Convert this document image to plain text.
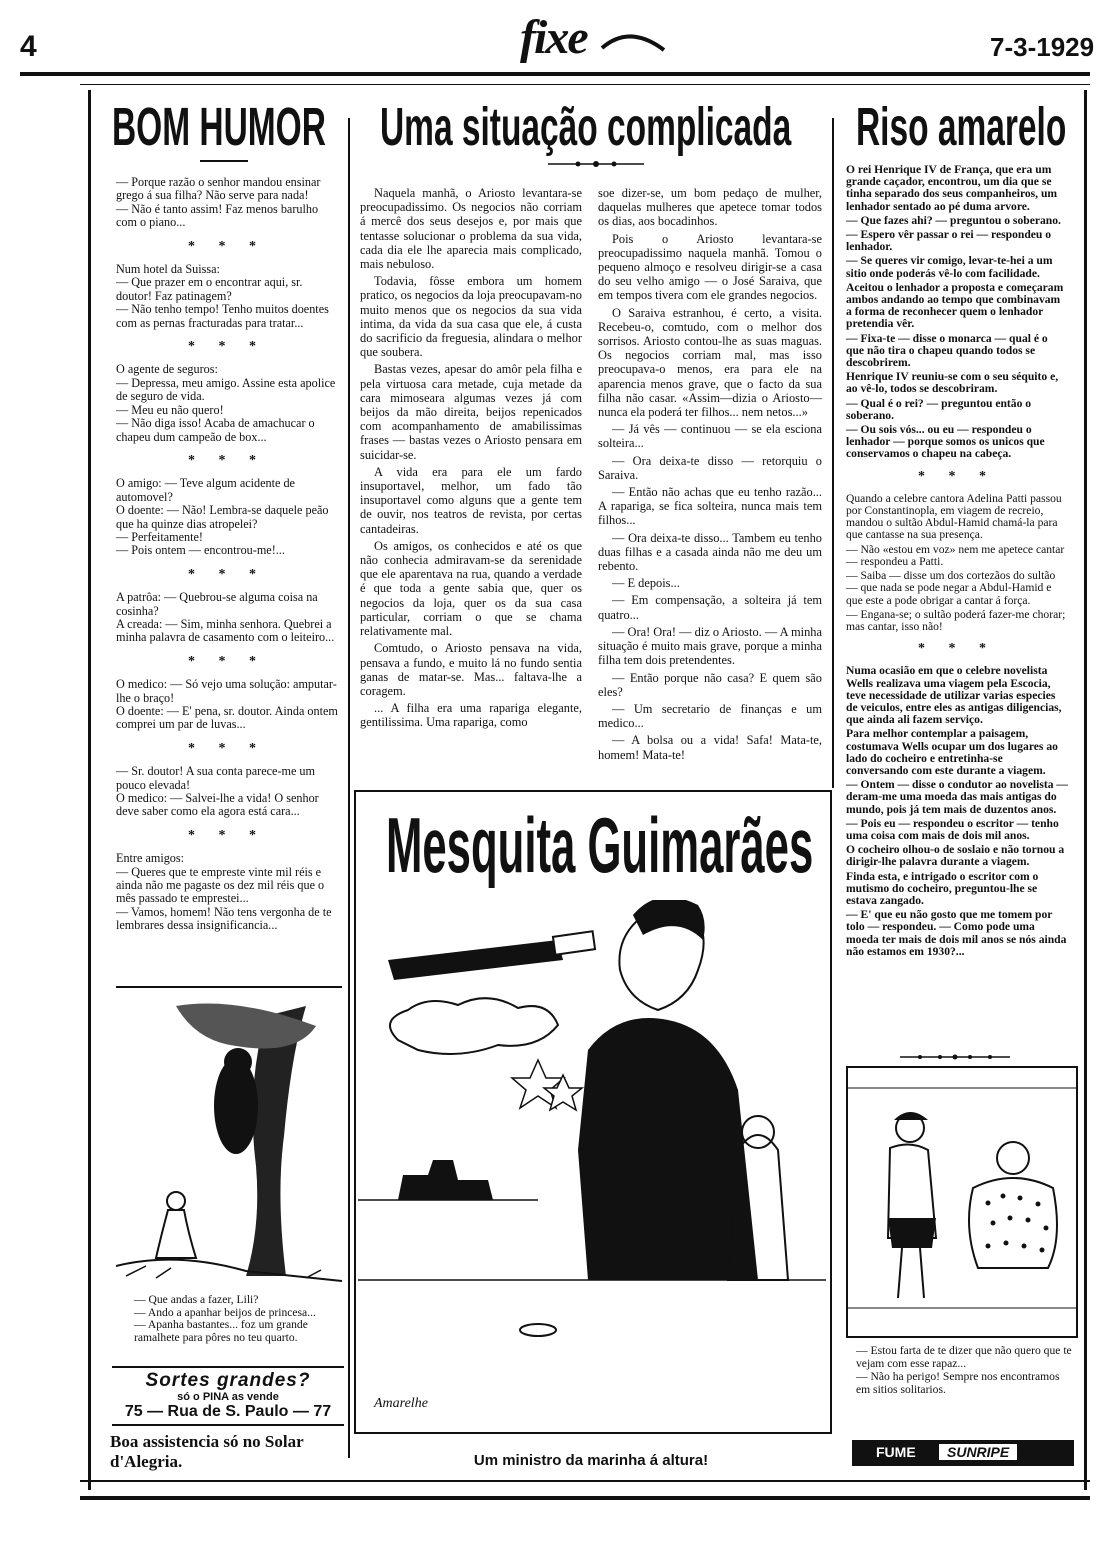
4	fixe	7-3-1929
BOM HUMOR

— Porque razão o senhor mandou ensinar grego á sua filha? Não serve para nada!
— Não é tanto assim! Faz menos barulho com o piano...

* * *

Num hotel da Suissa:
— Que prazer em o encontrar aqui, sr. doutor! Faz patinagem?
— Não tenho tempo! Tenho muitos doentes com as pernas fracturadas para tratar...

* * *

O agente de seguros:
— Depressa, meu amigo. Assine esta apolice de seguro de vida.
— Meu eu não quero!
— Não diga isso! Acaba de amachucar o chapeu dum campeão de box...

* * *

O amigo: — Teve algum acidente de automovel?
O doente: — Não! Lembra-se daquele peão que ha quinze dias atropelei?
— Perfeitamente!
— Pois ontem — encontrou-me!...

* * *

A patrôa: — Quebrou-se alguma coisa na cosinha?
A creada: — Sim, minha senhora. Quebrei a minha palavra de casamento com o leiteiro...

* * *

O medico: — Só vejo uma solução: amputar-lhe o braço!
O doente: — E' pena, sr. doutor. Ainda ontem comprei um par de luvas...

* * *

— Sr. doutor! A sua conta parece-me um pouco elevada!
O medico: — Salvei-lhe a vida! O senhor deve saber como ela agora está cara...

* * *

Entre amigos:
— Queres que te empreste vinte mil réis e ainda não me pagaste os dez mil réis que o mês passado te emprestei...
— Vamos, homem! Não tens vergonha de te lembrares dessa insignificancia...

— Que andas a fazer, Lili?
— Ando a apanhar beijos de princesa...
— Apanha bastantes... foz um grande ramalhete para pôres no teu quarto.
Sortes grandes?
só o PINA as vende
75 — Rua de S. Paulo — 77
Boa assistencia só no Solar d'Alegria.
Uma situação complicada

Naquela manhã, o Ariosto levantara-se preocupadissimo. Os negocios não corriam á mercê dos seus desejos e, por mais que tentasse solucionar o problema da sua vida, cada dia ele lhe aparecia mais complicado, mais nebuloso.

Todavia, fôsse embora um homem pratico, os negocios da loja preocupavam-no muito menos que os negocios da sua vida intima, da vida da sua casa que ele, á custa do sacrificio da freguesia, alindara o melhor que soubera.

Bastas vezes, apesar do amôr pela filha e pela virtuosa cara metade, cuja metade da cara mimoseara algumas vezes já com beijos da mão direita, beijos repenicados com acompanhamento de amabilissimas frases — bastas vezes o Ariosto pensara em suicidar-se.

A vida era para ele um fardo insuportavel, melhor, um fado tão insuportavel como alguns que a gente tem de ouvir, nos teatros de revista, por certas cantadeiras.

Os amigos, os conhecidos e até os que não conhecia admiravam-se da serenidade que ele aparentava na rua, quando a verdade é que toda a gente sabia que, quer os negocios da loja, quer os da sua casa particular, corriam o que se chama relativamente mal.

Comtudo, o Ariosto pensava na vida, pensava a fundo, e muito lá no fundo sentia ganas de matar-se. Mas... faltava-lhe a coragem.

... A filha era uma rapariga elegante, gentilissima. Uma rapariga, como

soe dizer-se, um bom pedaço de mulher, daquelas mulheres que apetece tomar todos os dias, aos bocadinhos.

Pois o Ariosto levantara-se preocupadissimo naquela manhã. Tomou o pequeno almoço e resolveu dirigir-se a casa do seu velho amigo — o José Saraiva, que em tempos tivera com ele grandes negocios.

O Saraiva estranhou, é certo, a visita. Recebeu-o, comtudo, com o melhor dos sorrisos. Ariosto contou-lhe as suas maguas. Os negocios corriam mal, mas isso preocupava-o menos, era para ele na aparencia menos grave, que o facto da sua filha não casar. «Assim—dizia o Ariosto—nunca ela poderá ter filhos... nem netos...»

— Já vês — continuou — se ela esciona solteira...

— Ora deixa-te disso — retorquiu o Saraiva.

— Então não achas que eu tenho razão... A rapariga, se fica solteira, nunca mais tem filhos...

— Ora deixa-te disso... Tambem eu tenho duas filhas e a casada ainda não me deu um rebento.

— E depois...

— Em compensação, a solteira já tem quatro...

— Ora! Ora! — diz o Ariosto. — A minha situação é muito mais grave, porque a minha filha tem dois pretendentes.

— Então porque não casa? E quem são eles?

— Um secretario de finanças e um medico...

— A bolsa ou a vida! Safa! Mata-te, homem! Mata-te!

Mesquita Guimarães
Amarelhe
Um ministro da marinha á altura!
Riso amarelo

O rei Henrique IV de França, que era um grande caçador, encontrou, um dia que se tinha separado dos seus companheiros, um lenhador sentado ao pé duma arvore.

— Que fazes ahi? — preguntou o soberano.

— Espero vêr passar o rei — respondeu o lenhador.

— Se queres vir comigo, levar-te-hei a um sitio onde poderás vê-lo com facilidade.

Aceitou o lenhador a proposta e começaram ambos andando ao tempo que combinavam a forma de reconhecer quem o lenhador pretendia vêr.

— Fixa-te — disse o monarca — qual é o que não tira o chapeu quando todos se descobrirem.

Henrique IV reuniu-se com o seu séquito e, ao vê-lo, todos se descobriram.

— Qual é o rei? — preguntou então o soberano.

— Ou sois vós... ou eu — respondeu o lenhador — porque somos os unicos que conservamos o chapeu na cabeça.

* * *

Quando a celebre cantora Adelina Patti passou por Constantinopla, em viagem de recreio, mandou o sultão Abdul-Hamid chamá-la para que cantasse na sua presença.

— Não «estou em voz» nem me apetece cantar — respondeu a Patti.

— Saiba — disse um dos cortezãos do sultão — que nada se pode negar a Abdul-Hamid e que este a pode obrigar a cantar á força.

— Engana-se; o sultão poderá fazer-me chorar; mas cantar, isso não!

* * *

Numa ocasião em que o celebre novelista Wells realizava uma viagem pela Escocia, teve necessidade de utilizar varias especies de veiculos, entre eles as antigas diligencias, que ainda ali fazem serviço.

Para melhor contemplar a paisagem, costumava Wells ocupar um dos lugares ao lado do cocheiro e entretinha-se conversando com este durante a viagem.

— Ontem — disse o condutor ao novelista — deram-me uma moeda das mais antigas do mundo, pois já tem mais de duzentos anos.

— Pois eu — respondeu o escritor — tenho uma coisa com mais de dois mil anos.

O cocheiro olhou-o de soslaio e não tornou a dirigir-lhe palavra durante a viagem.

Finda esta, e intrigado o escritor com o mutismo do cocheiro, preguntou-lhe se estava zangado.

— E' que eu não gosto que me tomem por tolo — respondeu. — Como pode uma moeda ter mais de dois mil anos se nós ainda não estamos em 1930?...

— Estou farta de te dizer que não quero que te vejam com esse rapaz...
— Não ha perigo! Sempre nos encontramos em sitios solitarios.
FUME	SUNRIPE
